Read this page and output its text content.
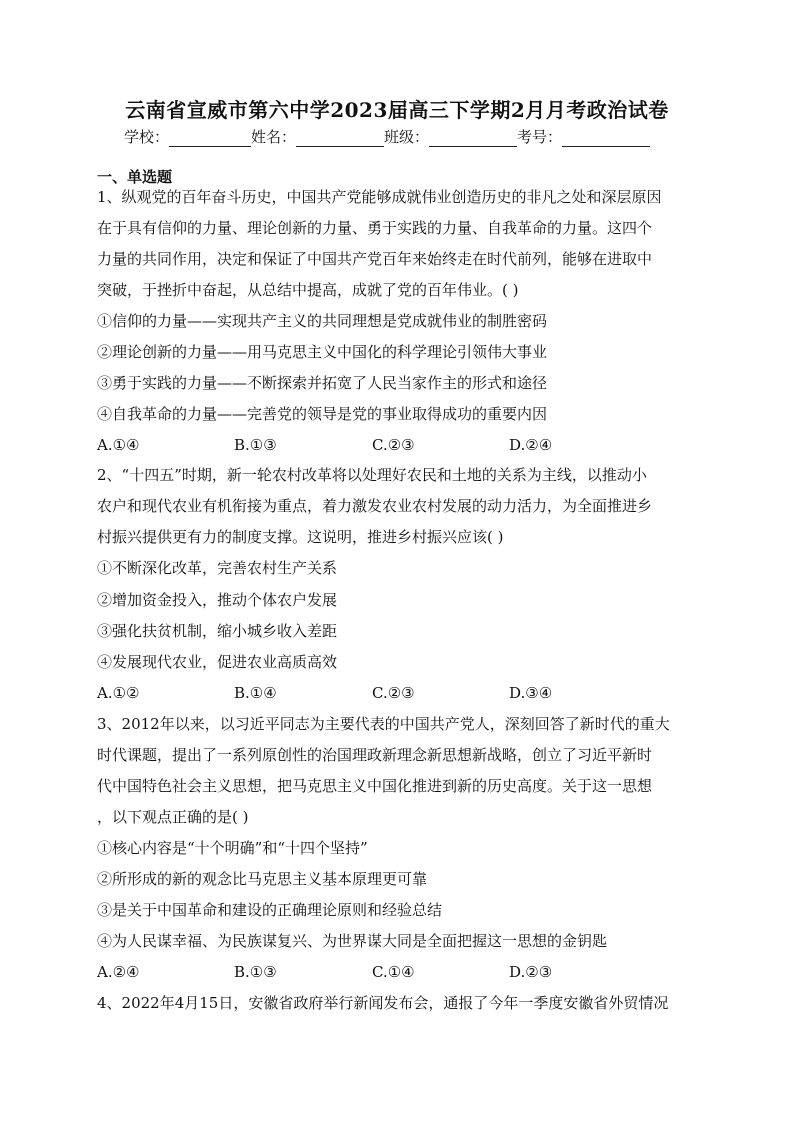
云南省宣威市第六中学2023届高三下学期2月月考政治试卷
学校：	姓名：	班级：	考号：
一、单选题
1、纵观党的百年奋斗历史，中国共产党能够成就伟业创造历史的非凡之处和深层原因
在于具有信仰的力量、理论创新的力量、勇于实践的力量、自我革命的力量。这四个
力量的共同作用，决定和保证了中国共产党百年来始终走在时代前列，能够在进取中
突破，于挫折中奋起，从总结中提高，成就了党的百年伟业。( )
①信仰的力量——实现共产主义的共同理想是党成就伟业的制胜密码
②理论创新的力量——用马克思主义中国化的科学理论引领伟大事业
③勇于实践的力量——不断探索并拓宽了人民当家作主的形式和途径
④自我革命的力量——完善党的领导是党的事业取得成功的重要内因
A.①④	B.①③	C.②③	D.②④
2、“十四五”时期，新一轮农村改革将以处理好农民和土地的关系为主线，以推动小
农户和现代农业有机衔接为重点，着力激发农业农村发展的动力活力，为全面推进乡
村振兴提供更有力的制度支撑。这说明，推进乡村振兴应该( )
①不断深化改革，完善农村生产关系
②增加资金投入，推动个体农户发展
③强化扶贫机制，缩小城乡收入差距
④发展现代农业，促进农业高质高效
A.①②	B.①④	C.②③	D.③④
3、2012年以来，以习近平同志为主要代表的中国共产党人，深刻回答了新时代的重大
时代课题，提出了一系列原创性的治国理政新理念新思想新战略，创立了习近平新时
代中国特色社会主义思想，把马克思主义中国化推进到新的历史高度。关于这一思想
，以下观点正确的是( )
①核心内容是“十个明确”和“十四个坚持”
②所形成的新的观念比马克思主义基本原理更可靠
③是关于中国革命和建设的正确理论原则和经验总结
④为人民谋幸福、为民族谋复兴、为世界谋大同是全面把握这一思想的金钥匙
A.②④	B.①③	C.①④	D.②③
4、2022年4月15日，安徽省政府举行新闻发布会，通报了今年一季度安徽省外贸情况
